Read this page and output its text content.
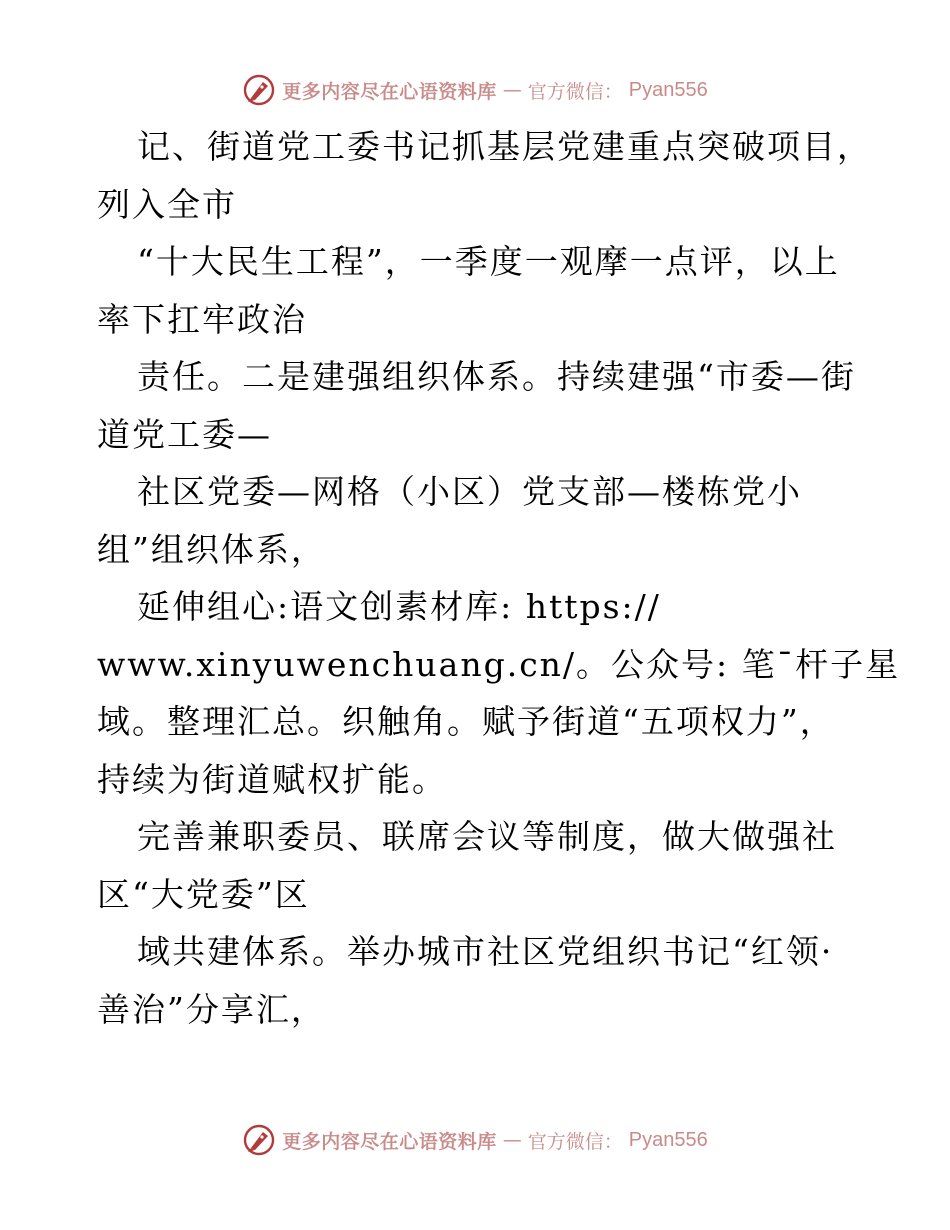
更多内容尽在心语资料库 — 官方微信： Pyan556
记、街道党工委书记抓基层党建重点突破项目，
列入全市
“十大民生工程”，一季度一观摩一点评，以上
率下扛牢政治
责任。二是建强组织体系。持续建强“市委—街
道党工委—
社区党委—网格（小区）党支部—楼栋党小
组”组织体系，
延伸组心:语文创素材库: https://
www.xinyuwenchuang.cn/。公众号: 笔¯杆子星
域。整理汇总。织触角。赋予街道“五项权力”，
持续为街道赋权扩能。
完善兼职委员、联席会议等制度，做大做强社
区“大党委”区
域共建体系。举办城市社区党组织书记“红领·
善治”分享汇，
更多内容尽在心语资料库 — 官方微信： Pyan556
